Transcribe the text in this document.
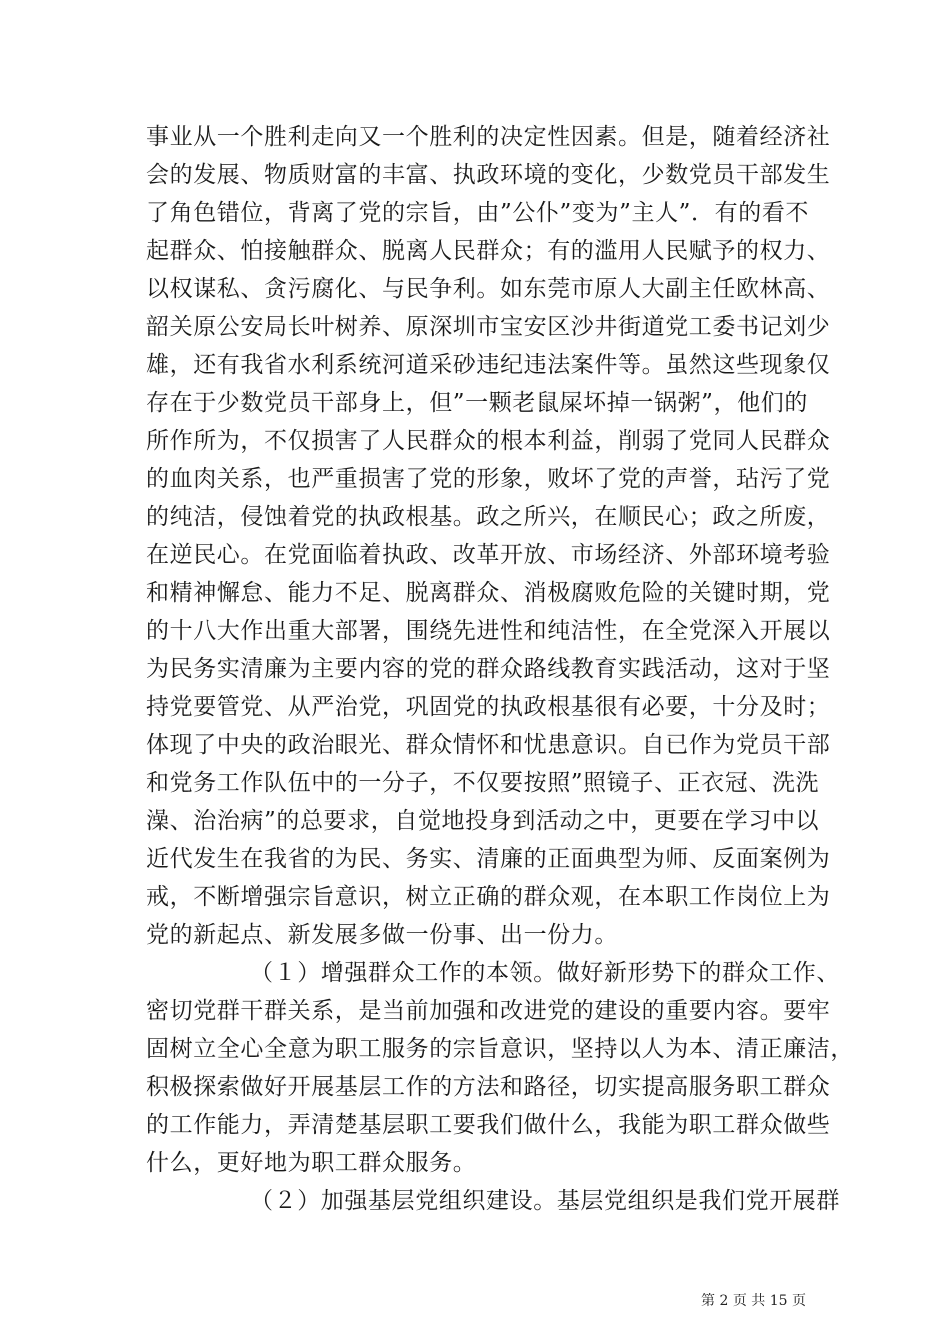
事业从一个胜利走向又一个胜利的决定性因素。但是，随着经济社
会的发展、物质财富的丰富、执政环境的变化，少数党员干部发生
了角色错位，背离了党的宗旨，由”公仆”变为”主人”．有的看不
起群众、怕接触群众、脱离人民群众；有的滥用人民赋予的权力、
以权谋私、贪污腐化、与民争利。如东莞市原人大副主任欧林高、
韶关原公安局长叶树养、原深圳市宝安区沙井街道党工委书记刘少
雄，还有我省水利系统河道采砂违纪违法案件等。虽然这些现象仅
存在于少数党员干部身上，但”一颗老鼠屎坏掉一锅粥”，他们的
所作所为，不仅损害了人民群众的根本利益，削弱了党同人民群众
的血肉关系，也严重损害了党的形象，败坏了党的声誉，玷污了党
的纯洁，侵蚀着党的执政根基。政之所兴，在顺民心；政之所废，
在逆民心。在党面临着执政、改革开放、市场经济、外部环境考验
和精神懈怠、能力不足、脱离群众、消极腐败危险的关键时期，党
的十八大作出重大部署，围绕先进性和纯洁性，在全党深入开展以
为民务实清廉为主要内容的党的群众路线教育实践活动，这对于坚
持党要管党、从严治党，巩固党的执政根基很有必要，十分及时；
体现了中央的政治眼光、群众情怀和忧患意识。自已作为党员干部
和党务工作队伍中的一分子，不仅要按照”照镜子、正衣冠、洗洗
澡、治治病”的总要求，自觉地投身到活动之中，更要在学习中以
近代发生在我省的为民、务实、清廉的正面典型为师、反面案例为
戒，不断增强宗旨意识，树立正确的群众观，在本职工作岗位上为
党的新起点、新发展多做一份事、出一份力。
（１）增强群众工作的本领。做好新形势下的群众工作、
密切党群干群关系，是当前加强和改进党的建设的重要内容。要牢
固树立全心全意为职工服务的宗旨意识，坚持以人为本、清正廉洁，
积极探索做好开展基层工作的方法和路径，切实提高服务职工群众
的工作能力，弄清楚基层职工要我们做什么，我能为职工群众做些
什么，更好地为职工群众服务。
（２）加强基层党组织建设。基层党组织是我们党开展群
第 2 页 共 15 页
